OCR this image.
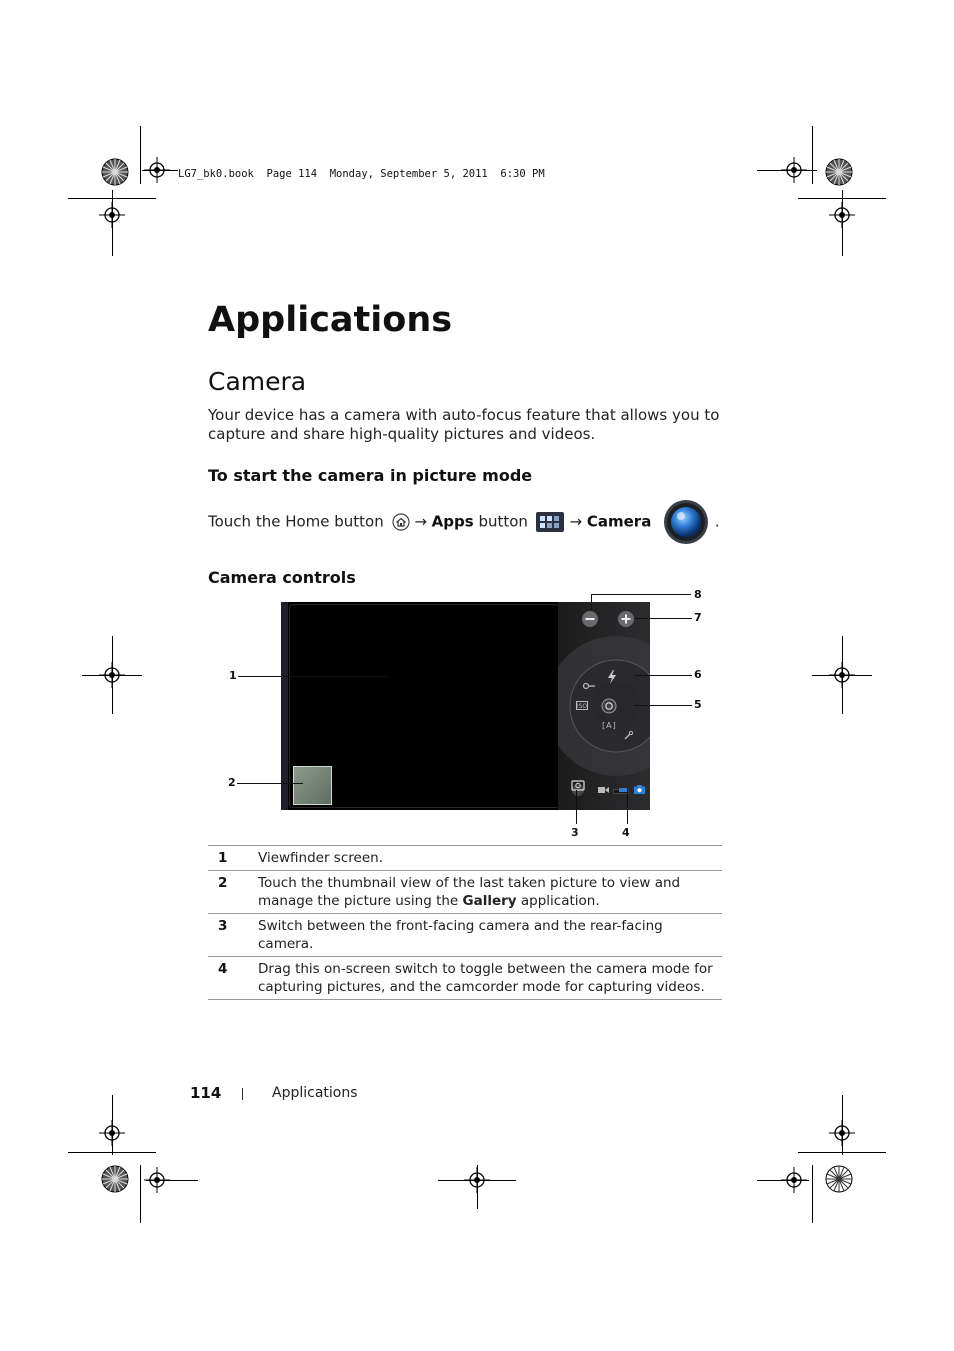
LG7_bk0.book  Page 114  Monday, September 5, 2011  6:30 PM
Applications
Camera
Your device has a camera with auto-focus feature that allows you to capture and share high-quality pictures and videos.
To start the camera in picture mode
Touch the Home button → Apps button	→ Camera	.
Camera controls
ISO
[A]
1
2
3	4
5
6
7
8
1	Viewfinder screen.
2	Touch the thumbnail view of the last taken picture to view and manage the picture using the Gallery application.
3	Switch between the front-facing camera and the rear-facing camera.
4	Drag this on-screen switch to toggle between the camera mode for capturing pictures, and the camcorder mode for capturing videos.
114	Applications
